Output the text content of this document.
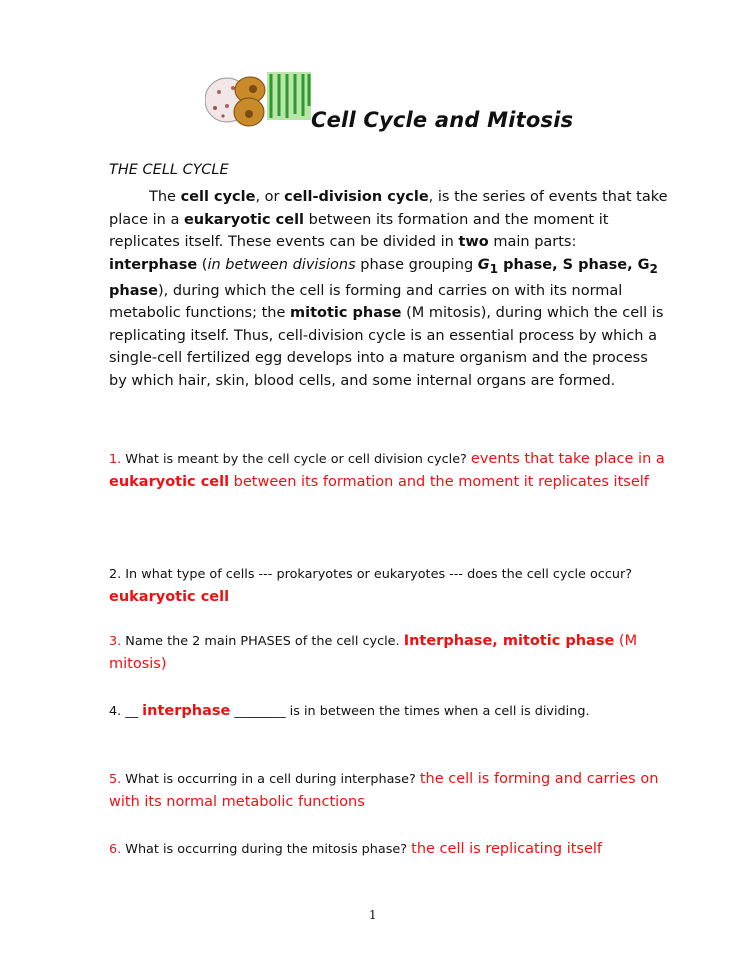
Cell Cycle and Mitosis
THE CELL CYCLE

The cell cycle, or cell-division cycle, is the series of events that take place in a eukaryotic cell between its formation and the moment it replicates itself. These events can be divided in two main parts: interphase (in between divisions phase grouping $G_1$ phase, S phase, $G_2$ phase), during which the cell is forming and carries on with its normal metabolic functions; the mitotic phase (M mitosis), during which the cell is replicating itself. Thus, cell-division cycle is an essential process by which a single-cell fertilized egg develops into a mature organism and the process by which hair, skin, blood cells, and some internal organs are formed.

1. What is meant by the cell cycle or cell division cycle? events that take place in a eukaryotic cell between its formation and the moment it replicates itself
2. In what type of cells --- prokaryotes or eukaryotes --- does the cell cycle occur? eukaryotic cell
3. Name the 2 main PHASES of the cell cycle. Interphase, mitotic phase (M mitosis)
4. __ interphase ________ is in between the times when a cell is dividing.
5. What is occurring in a cell during interphase? the cell is forming and carries on with its normal metabolic functions
6. What is occurring during the mitosis phase? the cell is replicating itself
1
